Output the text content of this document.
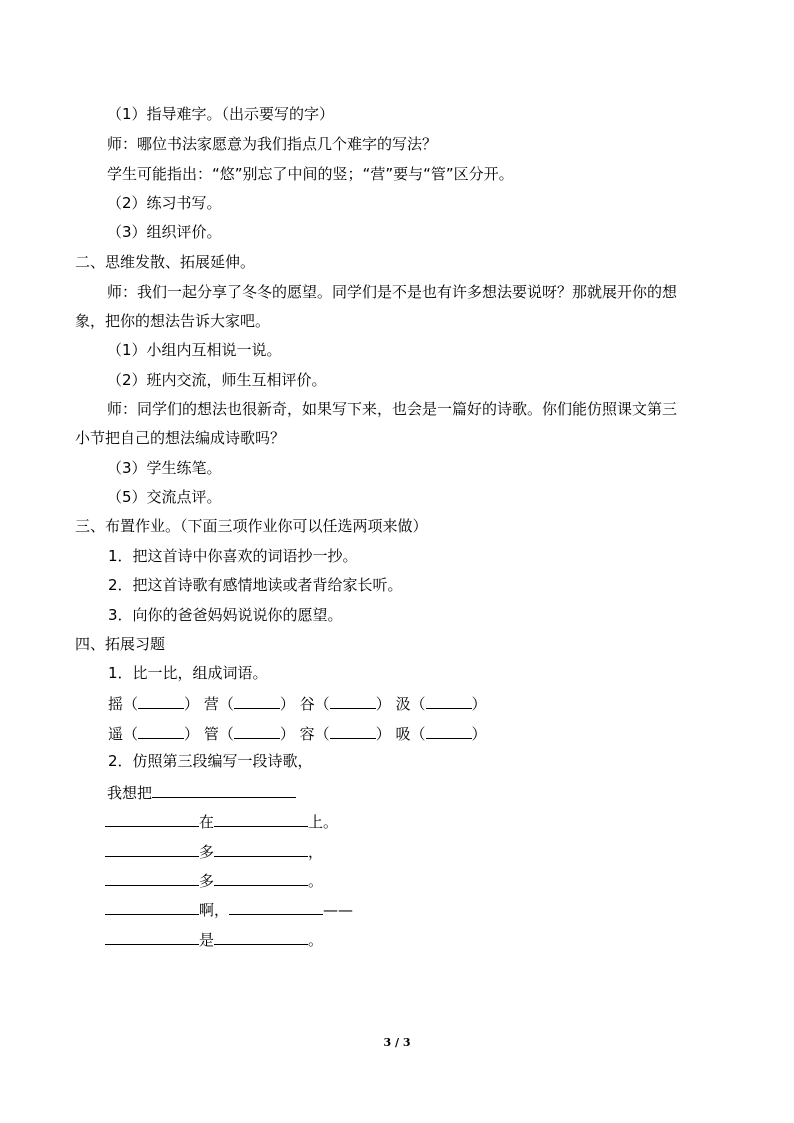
（1）指导难字。（出示要写的字）
师：哪位书法家愿意为我们指点几个难字的写法？
学生可能指出：“悠”别忘了中间的竖；“营”要与“管”区分开。
（2）练习书写。
（3）组织评价。
二、思维发散、拓展延伸。
师：我们一起分享了冬冬的愿望。同学们是不是也有许多想法要说呀？那就展开你的想
象，把你的想法告诉大家吧。
（1）小组内互相说一说。
（2）班内交流，师生互相评价。
师：同学们的想法也很新奇，如果写下来，也会是一篇好的诗歌。你们能仿照课文第三
小节把自己的想法编成诗歌吗？
（3）学生练笔。
（5）交流点评。
三、布置作业。（下面三项作业你可以任选两项来做）
1．把这首诗中你喜欢的词语抄一抄。
2．把这首诗歌有感情地读或者背给家长听。
3．向你的爸爸妈妈说说你的愿望。
四、拓展习题
1．比一比，组成词语。
摇（	） 营（	） 谷（	） 汲（	）
遥（	） 管（	） 容（	） 吸（	）
2．仿照第三段编写一段诗歌，
我想把
在	上。
多	，
多	。
啊，	——
是	。
3 / 3
